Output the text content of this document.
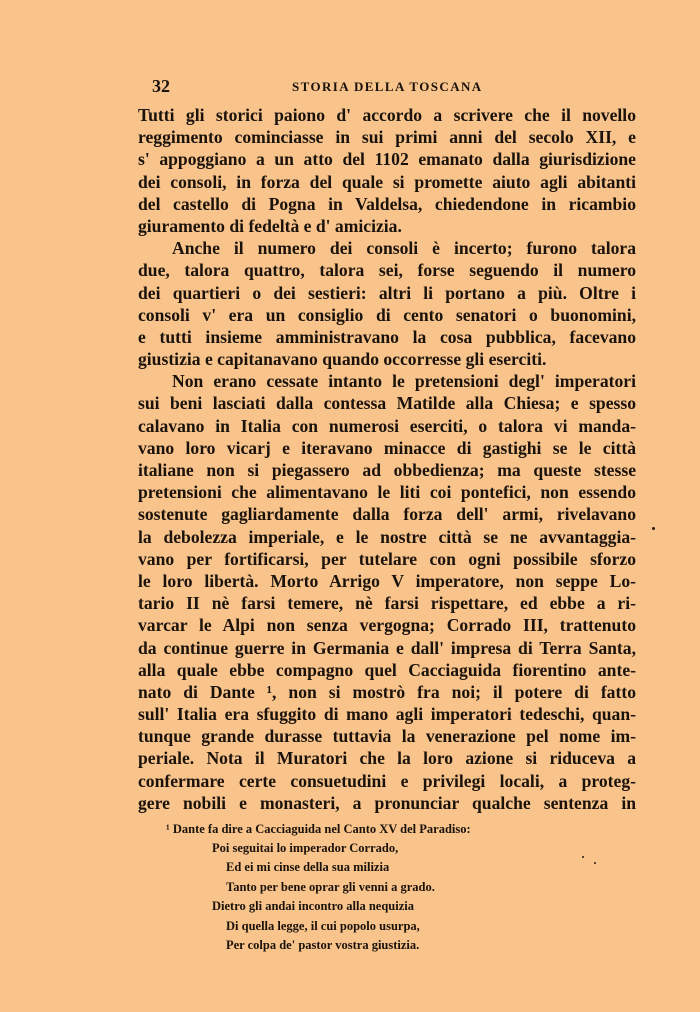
32	STORIA DELLA TOSCANA
Tutti gli storici paiono d' accordo a scrivere che il novello
reggimento cominciasse in sui primi anni del secolo XII, e
s' appoggiano a un atto del 1102 emanato dalla giurisdizione
dei consoli, in forza del quale si promette aiuto agli abitanti
del castello di Pogna in Valdelsa, chiedendone in ricambio
giuramento di fedeltà e d' amicizia.
Anche il numero dei consoli è incerto; furono talora
due, talora quattro, talora sei, forse seguendo il numero
dei quartieri o dei sestieri: altri li portano a più. Oltre i
consoli v' era un consiglio di cento senatori o buonomini,
e tutti insieme amministravano la cosa pubblica, facevano
giustizia e capitanavano quando occorresse gli eserciti.
Non erano cessate intanto le pretensioni degl' imperatori
sui beni lasciati dalla contessa Matilde alla Chiesa; e spesso
calavano in Italia con numerosi eserciti, o talora vi manda-
vano loro vicarj e iteravano minacce di gastighi se le città
italiane non si piegassero ad obbedienza; ma queste stesse
pretensioni che alimentavano le liti coi pontefici, non essendo
sostenute gagliardamente dalla forza dell' armi, rivelavano
la debolezza imperiale, e le nostre città se ne avvantaggia-
vano per fortificarsi, per tutelare con ogni possibile sforzo
le loro libertà. Morto Arrigo V imperatore, non seppe Lo-
tario II nè farsi temere, nè farsi rispettare, ed ebbe a ri-
varcar le Alpi non senza vergogna; Corrado III, trattenuto
da continue guerre in Germania e dall' impresa di Terra Santa,
alla quale ebbe compagno quel Cacciaguida fiorentino ante-
nato di Dante ¹, non si mostrò fra noi; il potere di fatto
sull' Italia era sfuggito di mano agli imperatori tedeschi, quan-
tunque grande durasse tuttavia la venerazione pel nome im-
periale. Nota il Muratori che la loro azione si riduceva a
confermare certe consuetudini e privilegi locali, a proteg-
gere nobili e monasteri, a pronunciar qualche sentenza in
¹ Dante fa dire a Cacciaguida nel Canto XV del Paradiso:
Poi seguitai lo imperador Corrado,
Ed ei mi cinse della sua milizia
Tanto per bene oprar gli venni a grado.
Dietro gli andai incontro alla nequizia
Di quella legge, il cui popolo usurpa,
Per colpa de' pastor vostra giustizia.
